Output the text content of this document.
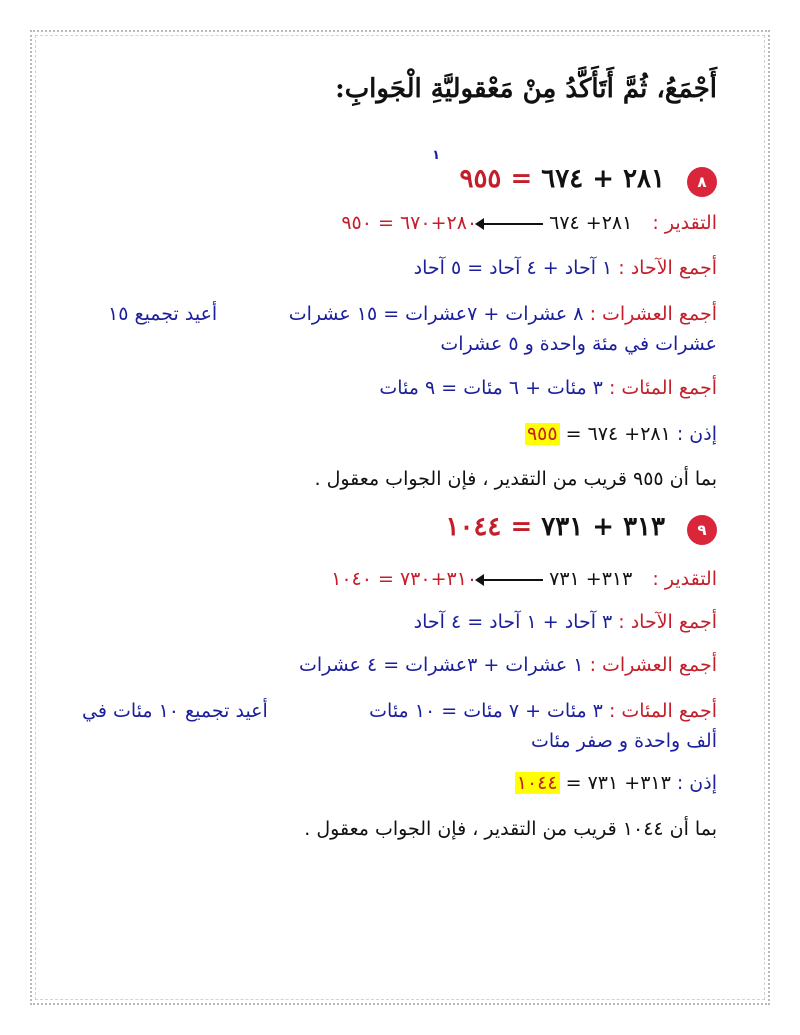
أَجْمَعُ، ثُمَّ أَتَأَكَّدُ مِنْ مَعْقوليَّةِ الْجَوابِ:
١
٨٢٨١ + ٦٧٤ = ٩٥٥
التقدير : ٢٨١+ ٦٧٤٢٨٠+٦٧٠ = ٩٥٠
أجمع الآحاد : ١ آحاد + ٤ آحاد = ٥ آحاد
أجمع العشرات : ٨ عشرات + ٧عشرات = ١٥ عشرات
أعيد تجميع ١٥
عشرات في مئة واحدة و ٥ عشرات
أجمع المئات : ٣ مئات + ٦ مئات = ٩ مئات
إذن : ٢٨١+ ٦٧٤ = ٩٥٥
بما أن ٩٥٥ قريب من التقدير ، فإن الجواب معقول .
٩٣١٣ + ٧٣١ = ١٠٤٤
التقدير : ٣١٣+ ٧٣١٣١٠+٧٣٠ = ١٠٤٠
أجمع الآحاد : ٣ آحاد + ١ آحاد = ٤ آحاد
أجمع العشرات : ١ عشرات + ٣عشرات = ٤ عشرات
أجمع المئات : ٣ مئات + ٧ مئات = ١٠ مئات
أعيد تجميع ١٠ مئات في
ألف واحدة و صفر مئات
إذن : ٣١٣+ ٧٣١ = ١٠٤٤
بما أن ١٠٤٤ قريب من التقدير ، فإن الجواب معقول .
